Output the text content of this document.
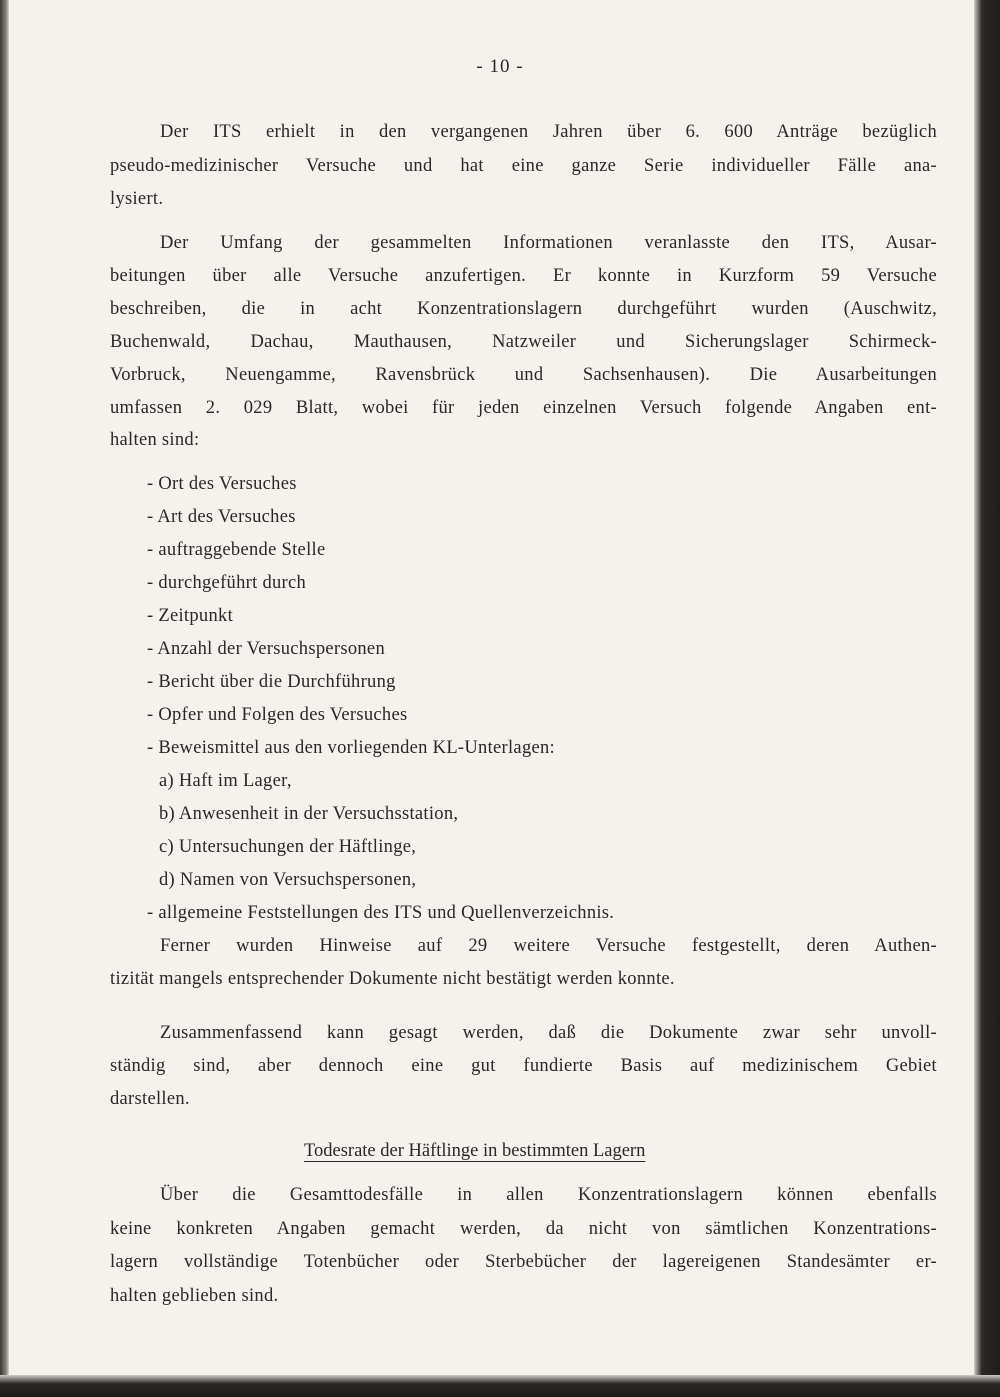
- 10 -
Der ITS erhielt in den vergangenen Jahren über 6. 600 Anträge bezüglich
pseudo-medizinischer Versuche und hat eine ganze Serie individueller Fälle ana-
lysiert.
Der Umfang der gesammelten Informationen veranlasste den ITS, Ausar-
beitungen über alle Versuche anzufertigen. Er konnte in Kurzform 59 Versuche
beschreiben, die in acht Konzentrationslagern durchgeführt wurden (Auschwitz,
Buchenwald, Dachau, Mauthausen, Natzweiler und Sicherungslager Schirmeck-
Vorbruck, Neuengamme, Ravensbrück und Sachsenhausen). Die Ausarbeitungen
umfassen 2. 029 Blatt, wobei für jeden einzelnen Versuch folgende Angaben ent-
halten sind:
- Ort des Versuches
- Art des Versuches
- auftraggebende Stelle
- durchgeführt durch
- Zeitpunkt
- Anzahl der Versuchspersonen
- Bericht über die Durchführung
- Opfer und Folgen des Versuches
- Beweismittel aus den vorliegenden KL-Unterlagen:
a) Haft im Lager,
b) Anwesenheit in der Versuchsstation,
c) Untersuchungen der Häftlinge,
d) Namen von Versuchspersonen,
- allgemeine Feststellungen des ITS und Quellenverzeichnis.
Ferner wurden Hinweise auf 29 weitere Versuche festgestellt, deren Authen-
tizität mangels entsprechender Dokumente nicht bestätigt werden konnte.
Zusammenfassend kann gesagt werden, daß die Dokumente zwar sehr unvoll-
ständig sind, aber dennoch eine gut fundierte Basis auf medizinischem Gebiet
darstellen.
Über die Gesamttodesfälle in allen Konzentrationslagern können ebenfalls
keine konkreten Angaben gemacht werden, da nicht von sämtlichen Konzentrations-
lagern vollständige Totenbücher oder Sterbebücher der lagereigenen Standesämter er-
halten geblieben sind.
Todesrate der Häftlinge in bestimmten Lagern
